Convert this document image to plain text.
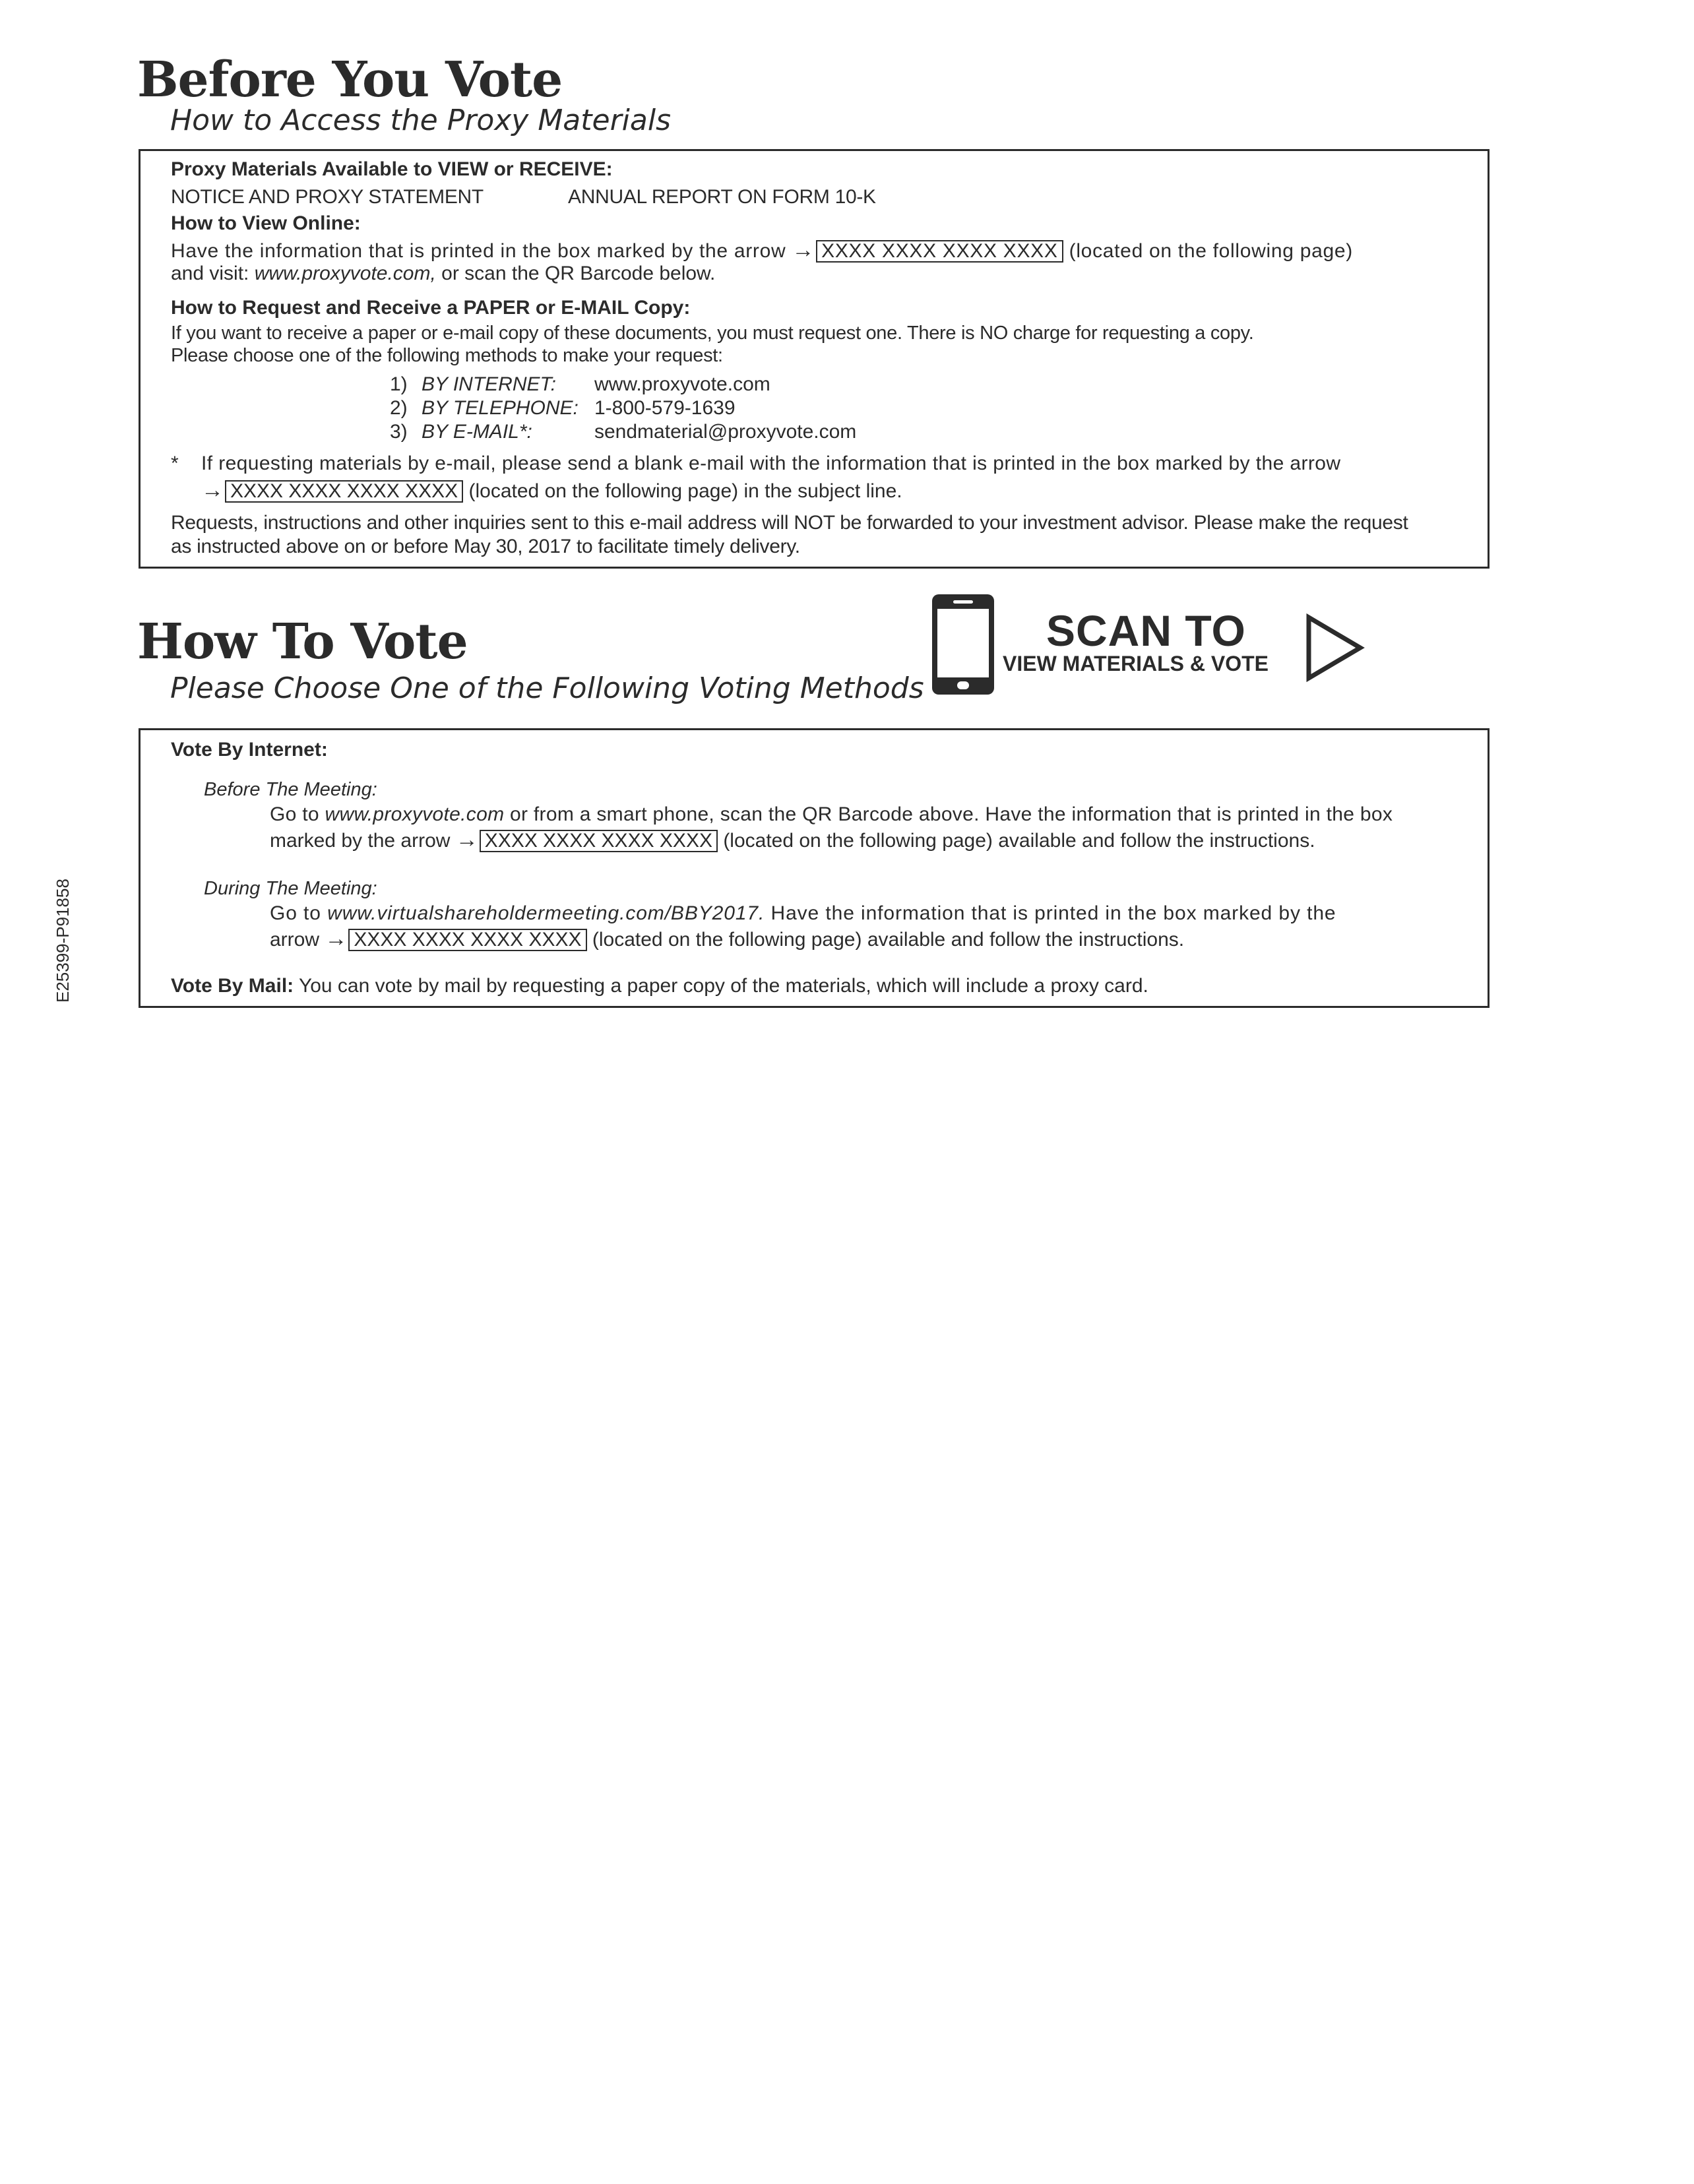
Before You Vote
How to Access the Proxy Materials
Proxy Materials Available to VIEW or RECEIVE:
NOTICE AND PROXY STATEMENT	ANNUAL REPORT ON FORM 10-K
How to View Online:
Have the information that is printed in the box marked by the arrow → XXXX XXXX XXXX XXXX (located on the following page)
and visit: www.proxyvote.com, or scan the QR Barcode below.
How to Request and Receive a PAPER or E-MAIL Copy:
If you want to receive a paper or e-mail copy of these documents, you must request one. There is NO charge for requesting a copy.
Please choose one of the following methods to make your request:
1) BY INTERNET: www.proxyvote.com
2) BY TELEPHONE: 1-800-579-1639
3) BY E-MAIL*:	sendmaterial@proxyvote.com
* If requesting materials by e-mail, please send a blank e-mail with the information that is printed in the box marked by the arrow
→ XXXX XXXX XXXX XXXX (located on the following page) in the subject line.
Requests, instructions and other inquiries sent to this e-mail address will NOT be forwarded to your investment advisor. Please make the request
as instructed above on or before May 30, 2017 to facilitate timely delivery.
SCAN TO
VIEW MATERIALS & VOTE
How To Vote
Please Choose One of the Following Voting Methods
Vote By Internet:
Before The Meeting:
Go to www.proxyvote.com or from a smart phone, scan the QR Barcode above. Have the information that is printed in the box
marked by the arrow → XXXX XXXX XXXX XXXX (located on the following page) available and follow the instructions.
During The Meeting:
Go to www.virtualshareholdermeeting.com/BBY2017. Have the information that is printed in the box marked by the
arrow → XXXX XXXX XXXX XXXX (located on the following page) available and follow the instructions.
Vote By Mail: You can vote by mail by requesting a paper copy of the materials, which will include a proxy card.
E25399-P91858
